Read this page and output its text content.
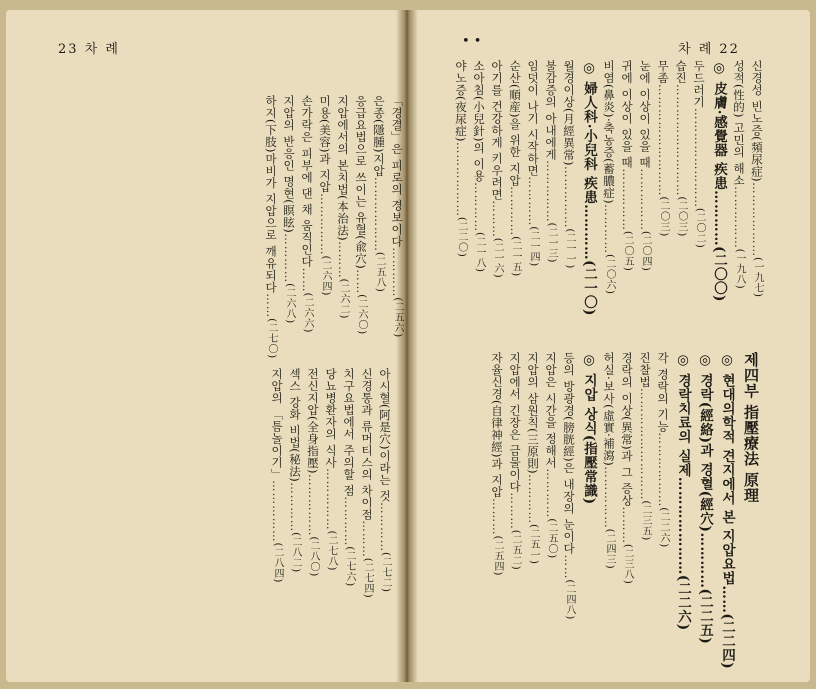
23 차 례	차 례 22
• •
신경성 빈노증(頻尿症)………………(一九七)
성적(性的) 고민의 해소……………(一九八)
◎ 皮膚·感覺器 疾患…………(二〇〇)
두드러기……………………(二〇二)
습진………………………(二〇三)
무좀………………………(二〇三)
눈에 이상이 있을 때……………(二〇四)
귀에 이상이 있을 때……………(二〇五)
비염(鼻炎)·축농증(蓄膿症)…………(二〇六)
◎ 婦人科·小兒科 疾患…………(二一〇)
월경이상(月經異常)……………(二一一)
불감증의 아내에게……………(二一三)
임덧이 나기 시작하면…………(二一四)
순산(順産)을 위한 지압…………(二一五)
아기를 건강하게 키우려면………(二一六)
소아침(小兒針)의 이용…………(二一八)
야노증(夜尿症)………………(二二〇)
제四부 指壓療法 原理
◎ 현대의학적 견지에서 본 지압요법……(二二四)
◎ 경락(經絡)과 경혈(經穴)…………(二二五)
◎ 경락치료의 실제…………………(二二六)
각 경락의 기능………………(二二六)
진찰법………………………(二三五)
경락의 이상(異常)과 그 증상………(二三八)
허실·보사(虛實·補瀉)……………(二四三)
◎ 지압 상식(指壓常識)
등의 방광경(膀胱經)은 내장의 눈이다……(二四八)
지압은 시간을 정해서…………(二五〇)
지압의 삼원칙(三原則)…………(二五一)
지압에서 긴장은 금물이다………(二五二)
자율신경(自律神經)과 지압………(二五四)
「경결」은 피로의 경보이다…………(二五六)
은종(隱腫)지압………………(二五八)
응급요법으로 쓰이는 유혈(兪穴)……(二六〇)
지압에서의 본치법(本治法)………(二六二)
미용(美容)과 지압……………(二六四)
손가락은 피부에 댄 채 움직인다……(二六六)
지압의 반응인 명현(瞑眩)…………(二六八)
하지(下肢)마비가 지압으로 깨유되다……(二七〇)
아시혈(阿是穴)이라는 것…………(二七二)
신경통과 류머티스의 차이점………(二七四)
치구요법에서 주의할 점…………(二七六)
당뇨병환자의 식사……………(二七八)
전신지압(全身指壓)……………(二八〇)
섹스 강화 비법(秘法)…………(二八二)
지압의 「틈놀이기」……………(二八四)
